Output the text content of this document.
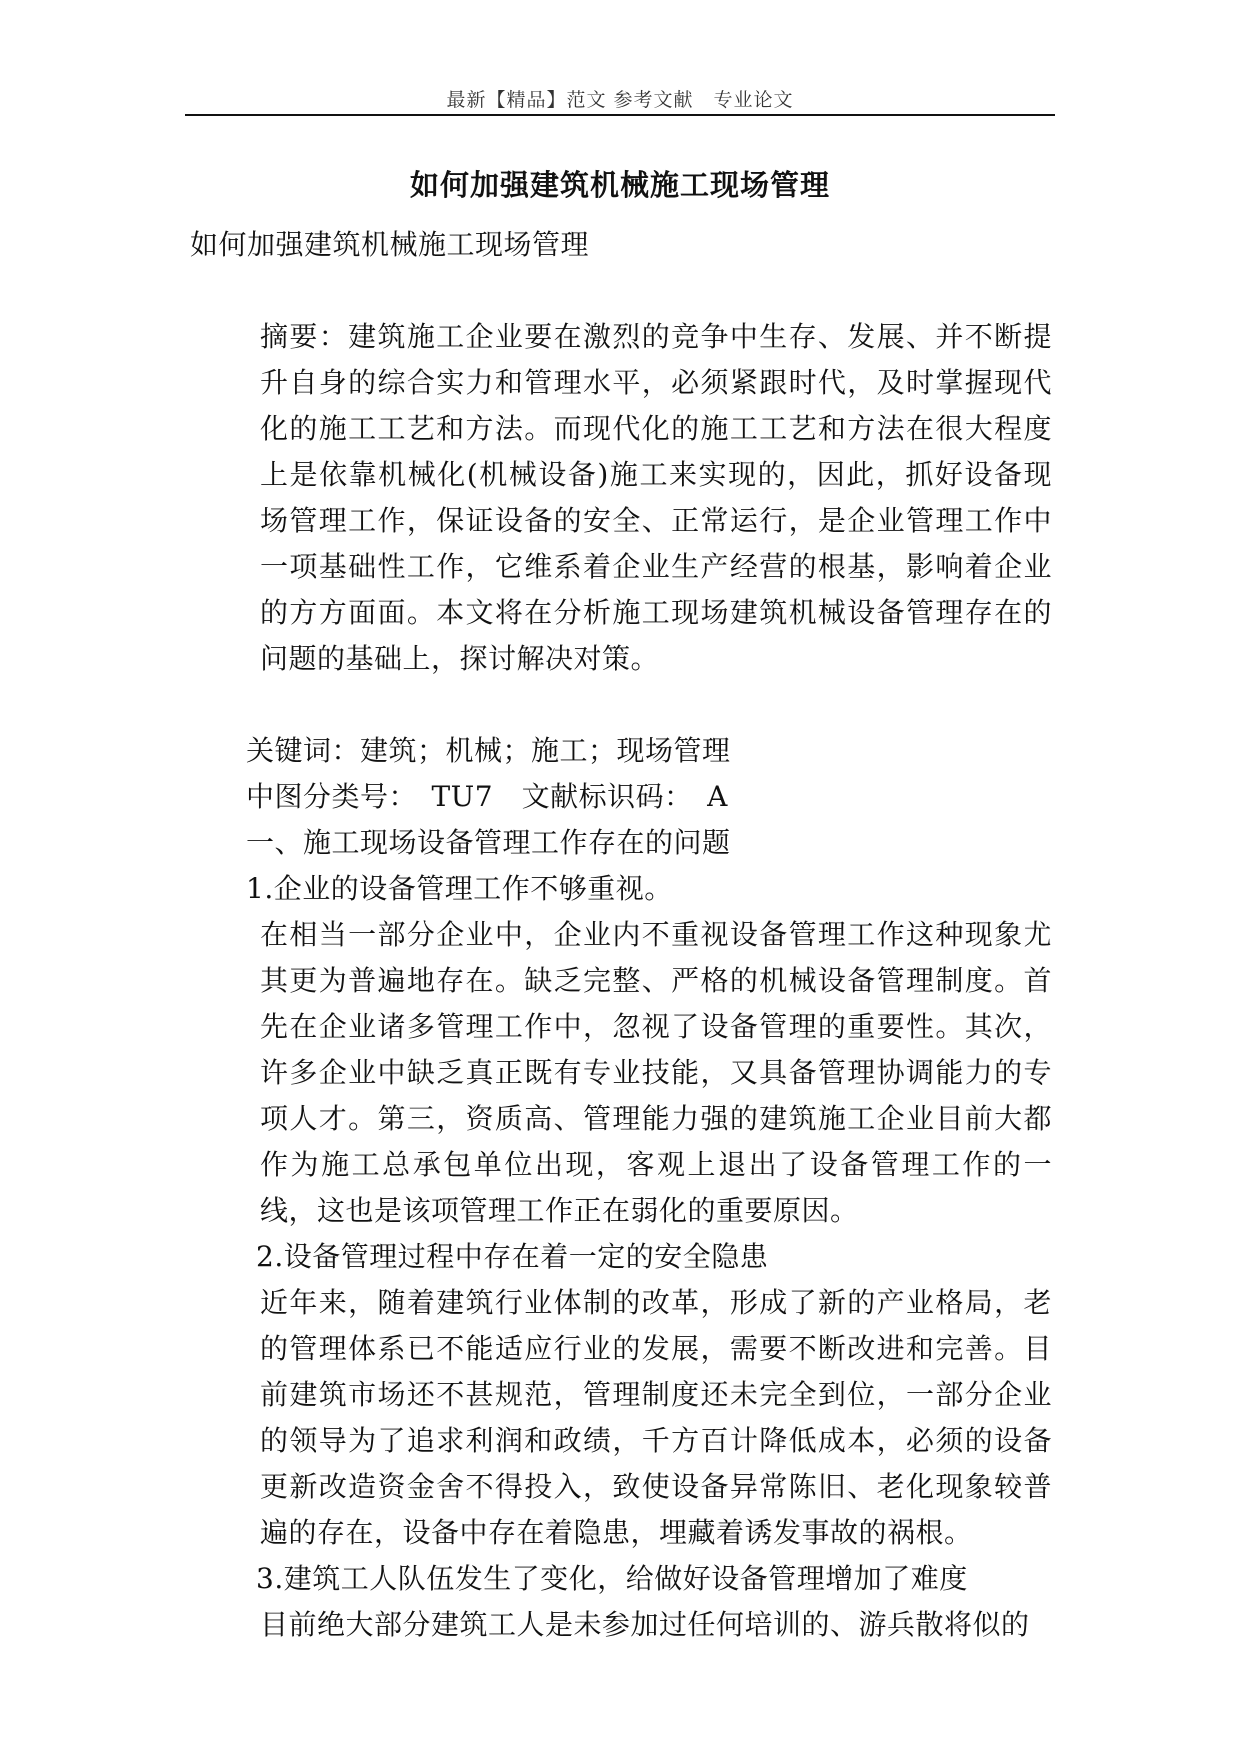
最新【精品】范文 参考文献　专业论文
如何加强建筑机械施工现场管理

如何加强建筑机械施工现场管理

摘要：建筑施工企业要在激烈的竞争中生存、发展、并不断提升自身的综合实力和管理水平，必须紧跟时代，及时掌握现代化的施工工艺和方法。而现代化的施工工艺和方法在很大程度上是依靠机械化(机械设备)施工来实现的，因此，抓好设备现场管理工作，保证设备的安全、正常运行，是企业管理工作中一项基础性工作，它维系着企业生产经营的根基，影响着企业的方方面面。本文将在分析施工现场建筑机械设备管理存在的问题的基础上，探讨解决对策。

关键词：建筑；机械；施工；现场管理

中图分类号：　TU7　文献标识码：　A

一、施工现场设备管理工作存在的问题

1.企业的设备管理工作不够重视。

在相当一部分企业中，企业内不重视设备管理工作这种现象尤其更为普遍地存在。缺乏完整、严格的机械设备管理制度。首先在企业诸多管理工作中，忽视了设备管理的重要性。其次，许多企业中缺乏真正既有专业技能，又具备管理协调能力的专项人才。第三，资质高、管理能力强的建筑施工企业目前大都作为施工总承包单位出现，客观上退出了设备管理工作的一线，这也是该项管理工作正在弱化的重要原因。

2.设备管理过程中存在着一定的安全隐患

近年来，随着建筑行业体制的改革，形成了新的产业格局，老的管理体系已不能适应行业的发展，需要不断改进和完善。目前建筑市场还不甚规范，管理制度还未完全到位，一部分企业的领导为了追求利润和政绩，千方百计降低成本，必须的设备更新改造资金舍不得投入，致使设备异常陈旧、老化现象较普遍的存在，设备中存在着隐患，埋藏着诱发事故的祸根。

3.建筑工人队伍发生了变化，给做好设备管理增加了难度

目前绝大部分建筑工人是未参加过任何培训的、游兵散将似的
